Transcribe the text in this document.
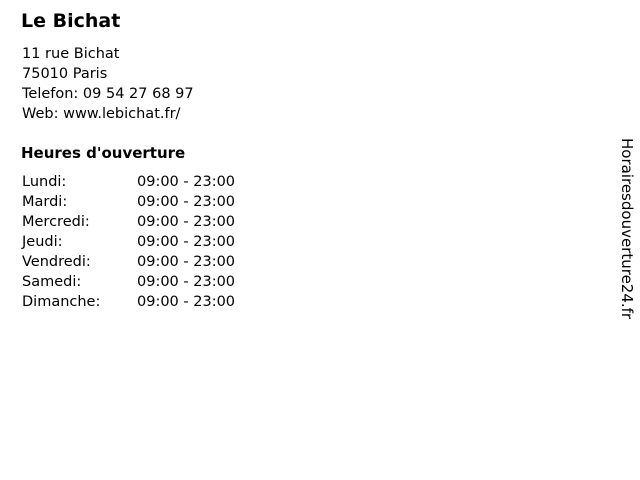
Le Bichat
11 rue Bichat
75010 Paris
Telefon: 09 54 27 68 97
Web: www.lebichat.fr/
Heures d'ouverture
Lundi:	09:00 - 23:00
Mardi:	09:00 - 23:00
Mercredi:	09:00 - 23:00
Jeudi:	09:00 - 23:00
Vendredi:	09:00 - 23:00
Samedi:	09:00 - 23:00
Dimanche:	09:00 - 23:00	Horairesdouverture24.fr
